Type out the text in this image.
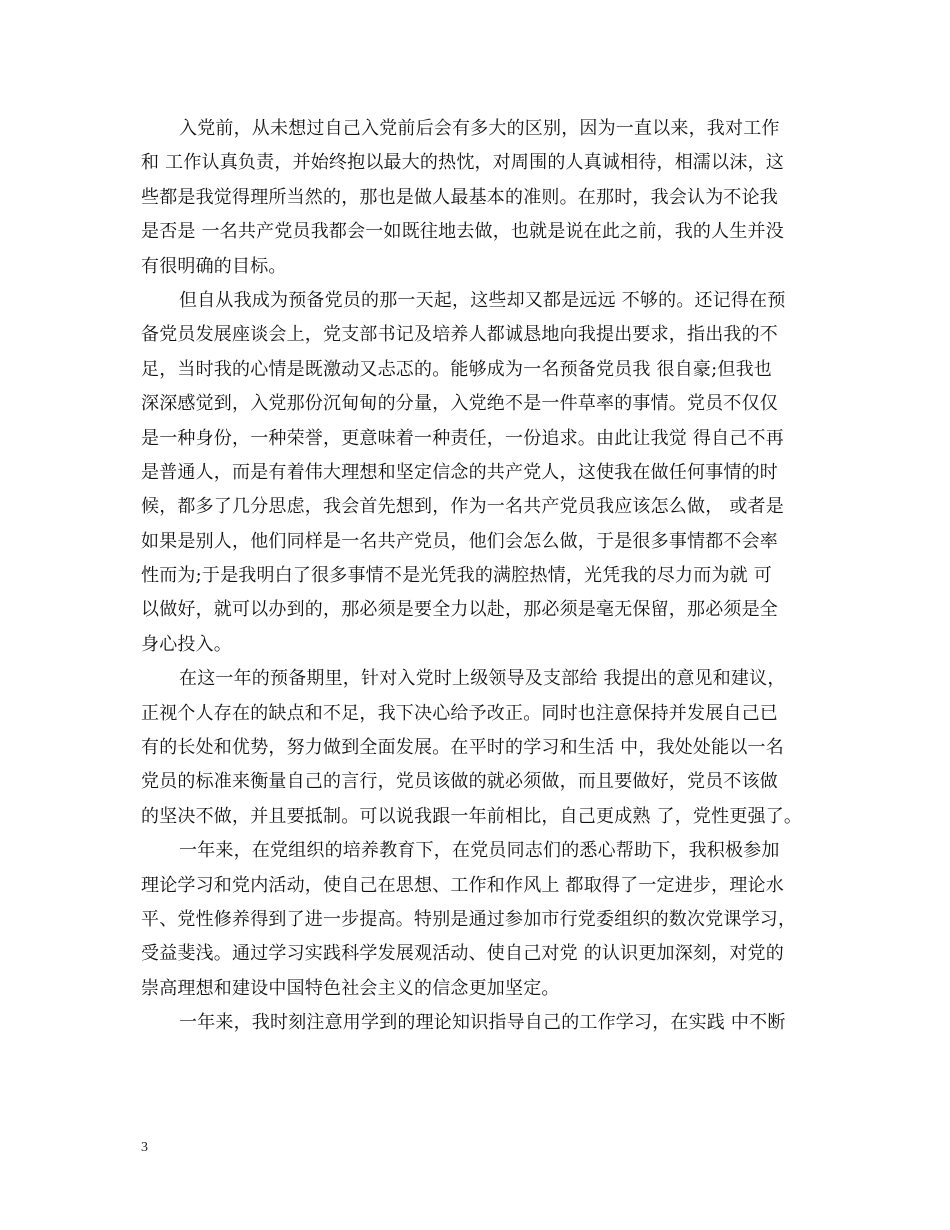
入党前，从未想过自己入党前后会有多大的区别，因为一直以来，我对工作
和 工作认真负责，并始终抱以最大的热忱，对周围的人真诚相待，相濡以沫，这
些都是我觉得理所当然的，那也是做人最基本的准则。在那时，我会认为不论我
是否是 一名共产党员我都会一如既往地去做，也就是说在此之前，我的人生并没
有很明确的目标。
但自从我成为预备党员的那一天起，这些却又都是远远 不够的。还记得在预
备党员发展座谈会上，党支部书记及培养人都诚恳地向我提出要求，指出我的不
足，当时我的心情是既激动又忐忑的。能够成为一名预备党员我 很自豪;但我也
深深感觉到，入党那份沉甸甸的分量，入党绝不是一件草率的事情。党员不仅仅
是一种身份，一种荣誉，更意味着一种责任，一份追求。由此让我觉 得自己不再
是普通人，而是有着伟大理想和坚定信念的共产党人，这使我在做任何事情的时
候，都多了几分思虑，我会首先想到，作为一名共产党员我应该怎么做， 或者是
如果是别人，他们同样是一名共产党员，他们会怎么做，于是很多事情都不会率
性而为;于是我明白了很多事情不是光凭我的满腔热情，光凭我的尽力而为就 可
以做好，就可以办到的，那必须是要全力以赴，那必须是毫无保留，那必须是全
身心投入。
在这一年的预备期里，针对入党时上级领导及支部给 我提出的意见和建议，
正视个人存在的缺点和不足，我下决心给予改正。同时也注意保持并发展自己已
有的长处和优势，努力做到全面发展。在平时的学习和生活 中，我处处能以一名
党员的标准来衡量自己的言行，党员该做的就必须做，而且要做好，党员不该做
的坚决不做，并且要抵制。可以说我跟一年前相比，自己更成熟 了，党性更强了。
一年来，在党组织的培养教育下，在党员同志们的悉心帮助下，我积极参加
理论学习和党内活动，使自己在思想、工作和作风上 都取得了一定进步，理论水
平、党性修养得到了进一步提高。特别是通过参加市行党委组织的数次党课学习，
受益斐浅。通过学习实践科学发展观活动、使自己对党 的认识更加深刻，对党的
崇高理想和建设中国特色社会主义的信念更加坚定。
一年来，我时刻注意用学到的理论知识指导自己的工作学习，在实践 中不断
3
